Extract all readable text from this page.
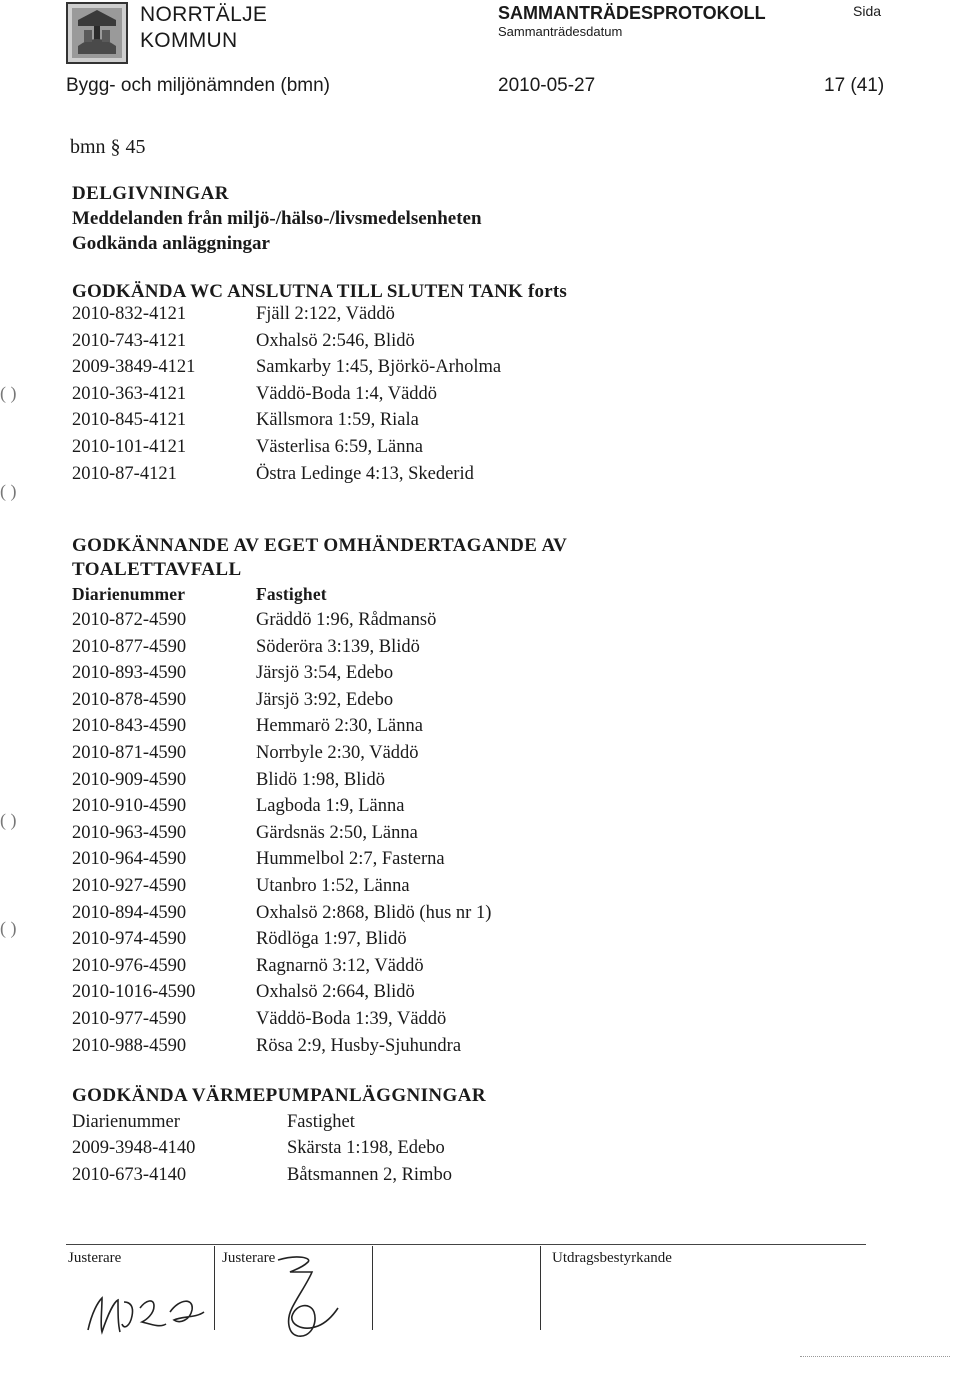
NORRTÄLJE
KOMMUN
SAMMANTRÄDESPROTOKOLL
Sammanträdesdatum
Sida
Bygg- och miljönämnden (bmn)	2010-05-27	17 (41)
bmn § 45
DELGIVNINGAR
Meddelanden från miljö-/hälso-/livsmedelsenheten
Godkända anläggningar
GODKÄNDA WC ANSLUTNA TILL SLUTEN TANK forts
2010-832-4121	Fjäll 2:122, Väddö
2010-743-4121	Oxhalsö 2:546, Blidö
2009-3849-4121	Samkarby 1:45, Björkö-Arholma
2010-363-4121	Väddö-Boda 1:4, Väddö
2010-845-4121	Källsmora 1:59, Riala
2010-101-4121	Västerlisa 6:59, Länna
2010-87-4121	Östra Ledinge 4:13, Skederid
GODKÄNNANDE AV EGET OMHÄNDERTAGANDE AV
TOALETTAVFALL
Diarienummer	Fastighet
2010-872-4590	Gräddö 1:96, Rådmansö
2010-877-4590	Söderöra 3:139, Blidö
2010-893-4590	Järsjö 3:54, Edebo
2010-878-4590	Järsjö 3:92, Edebo
2010-843-4590	Hemmarö 2:30, Länna
2010-871-4590	Norrbyle 2:30, Väddö
2010-909-4590	Blidö 1:98, Blidö
2010-910-4590	Lagboda 1:9, Länna
2010-963-4590	Gärdsnäs 2:50, Länna
2010-964-4590	Hummelbol 2:7, Fasterna
2010-927-4590	Utanbro 1:52, Länna
2010-894-4590	Oxhalsö 2:868, Blidö (hus nr 1)
2010-974-4590	Rödlöga 1:97, Blidö
2010-976-4590	Ragnarnö 3:12, Väddö
2010-1016-4590	Oxhalsö 2:664, Blidö
2010-977-4590	Väddö-Boda 1:39, Väddö
2010-988-4590	Rösa 2:9, Husby-Sjuhundra
GODKÄNDA VÄRMEPUMPANLÄGGNINGAR
Diarienummer	Fastighet
2009-3948-4140	Skärsta 1:198, Edebo
2010-673-4140	Båtsmannen 2, Rimbo
( )
( )
( )
( )
Justerare	Justerare	Utdragsbestyrkande
